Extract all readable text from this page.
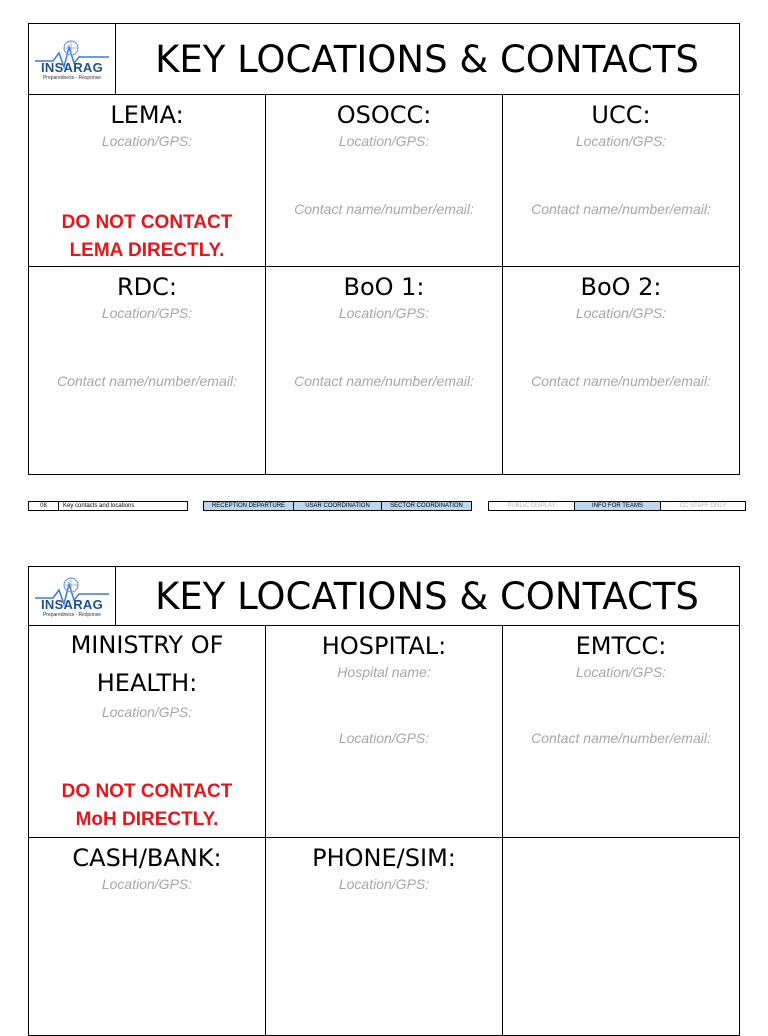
INSARAG
Preparedness - Response	KEY LOCATIONS & CONTACTS
LEMA:
Location/GPS:
DO NOT CONTACT
LEMA DIRECTLY.
OSOCC:
Location/GPS:
Contact name/number/email:
UCC:
Location/GPS:
Contact name/number/email:
RDC:
Location/GPS:
Contact name/number/email:
BoO 1:
Location/GPS:
Contact name/number/email:
BoO 2:
Location/GPS:
Contact name/number/email:
08	Key contacts and locations	RECEPTION DEPARTURE	USAR COORDINATION	SECTOR COORDINATION	PUBLIC DISPLAY	INFO FOR TEAMS	CC STAFF ONLY
INSARAG
Preparedness - Response	KEY LOCATIONS & CONTACTS
MINISTRY OF
HEALTH:
Location/GPS:
DO NOT CONTACT
MoH DIRECTLY.
HOSPITAL:
Hospital name:
Location/GPS:
EMTCC:
Location/GPS:
Contact name/number/email:
CASH/BANK:
Location/GPS:
PHONE/SIM:
Location/GPS:
